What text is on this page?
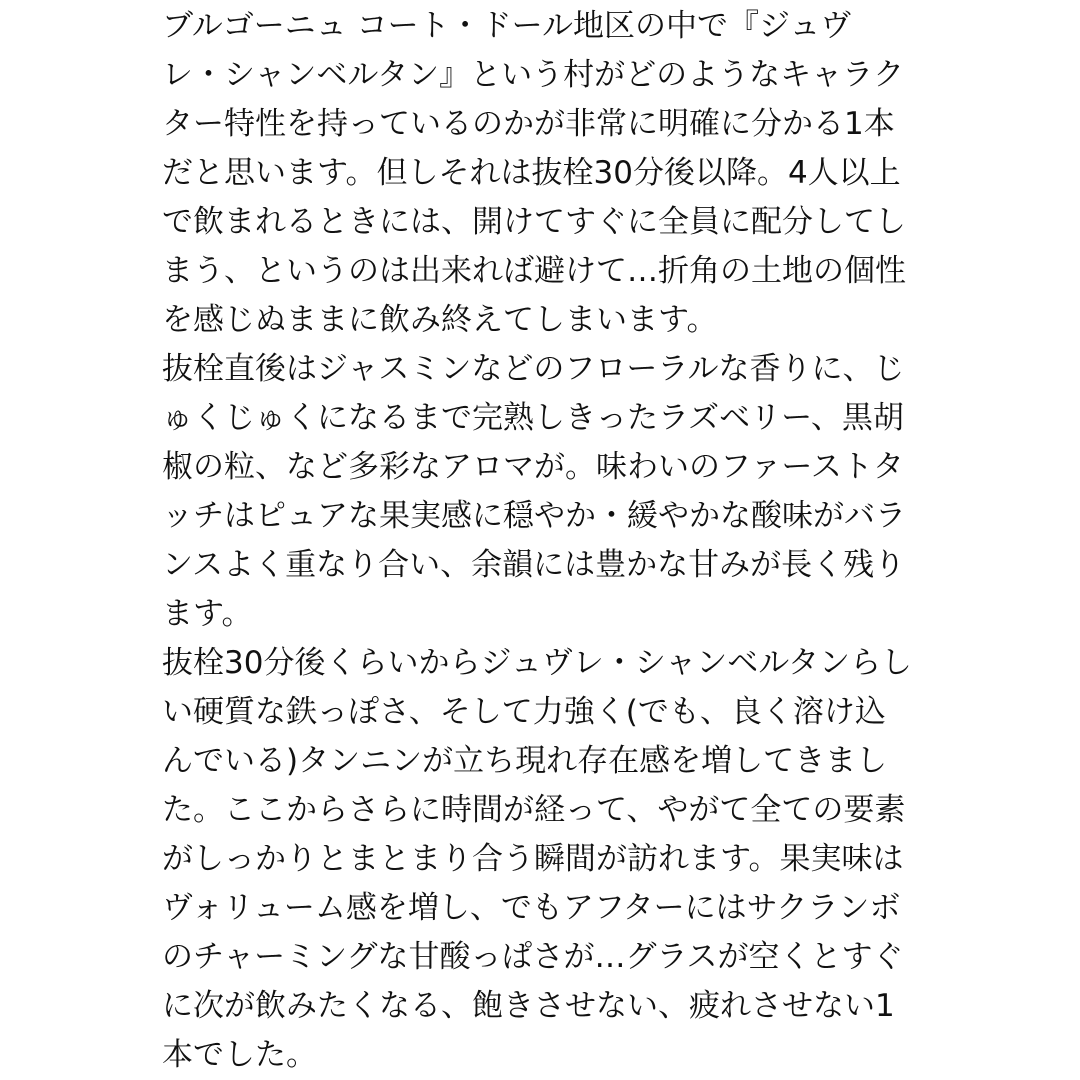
ブルゴーニュ コート・ドール地区の中で『ジュヴ
レ・シャンベルタン』という村がどのようなキャラク
ター特性を持っているのかが非常に明確に分かる1本
だと思います。但しそれは抜栓30分後以降。4人以上
で飲まれるときには、開けてすぐに全員に配分してし
まう、というのは出来れば避けて…折角の土地の個性
を感じぬままに飲み終えてしまいます。
抜栓直後はジャスミンなどのフローラルな香りに、じ
ゅくじゅくになるまで完熟しきったラズベリー、黒胡
椒の粒、など多彩なアロマが。味わいのファーストタ
ッチはピュアな果実感に穏やか・緩やかな酸味がバラ
ンスよく重なり合い、余韻には豊かな甘みが長く残り
ます。
抜栓30分後くらいからジュヴレ・シャンベルタンらし
い硬質な鉄っぽさ、そして力強く(でも、良く溶け込
んでいる)タンニンが立ち現れ存在感を増してきまし
た。ここからさらに時間が経って、やがて全ての要素
がしっかりとまとまり合う瞬間が訪れます。果実味は
ヴォリューム感を増し、でもアフターにはサクランボ
のチャーミングな甘酸っぱさが…グラスが空くとすぐ
に次が飲みたくなる、飽きさせない、疲れさせない1
本でした。
